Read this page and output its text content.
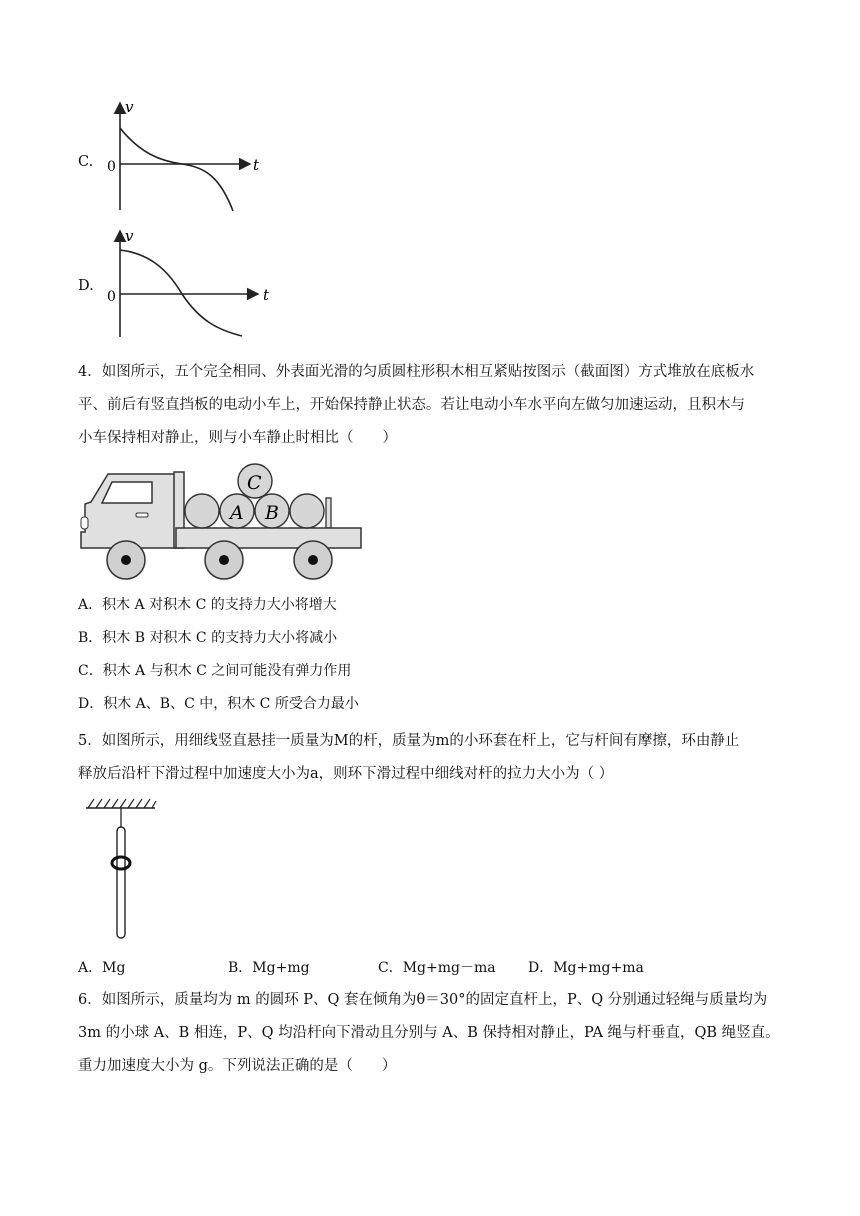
C.
v
t
0
D.
v
t
0
4．如图所示，五个完全相同、外表面光滑的匀质圆柱形积木相互紧贴按图示（截面图）方式堆放在底板水
平、前后有竖直挡板的电动小车上，开始保持静止状态。若让电动小车水平向左做匀加速运动，且积木与
小车保持相对静止，则与小车静止时相比（　　）
A B
C
A．积木 A 对积木 C 的支持力大小将增大
B．积木 B 对积木 C 的支持力大小将减小
C．积木 A 与积木 C 之间可能没有弹力作用
D．积木 A、B、C 中，积木 C 所受合力最小
5．如图所示，用细线竖直悬挂一质量为M的杆，质量为m的小环套在杆上，它与杆间有摩擦，环由静止
释放后沿杆下滑过程中加速度大小为a，则环下滑过程中细线对杆的拉力大小为（ ）
A．Mg	B．Mg+mg	C．Mg+mg－ma D．Mg+mg+ma
6．如图所示，质量均为 m 的圆环 P、Q 套在倾角为θ＝30°的固定直杆上，P、Q 分别通过轻绳与质量均为
3m 的小球 A、B 相连，P、Q 均沿杆向下滑动且分别与 A、B 保持相对静止，PA 绳与杆垂直，QB 绳竖直。
重力加速度大小为 g。下列说法正确的是（　　）
